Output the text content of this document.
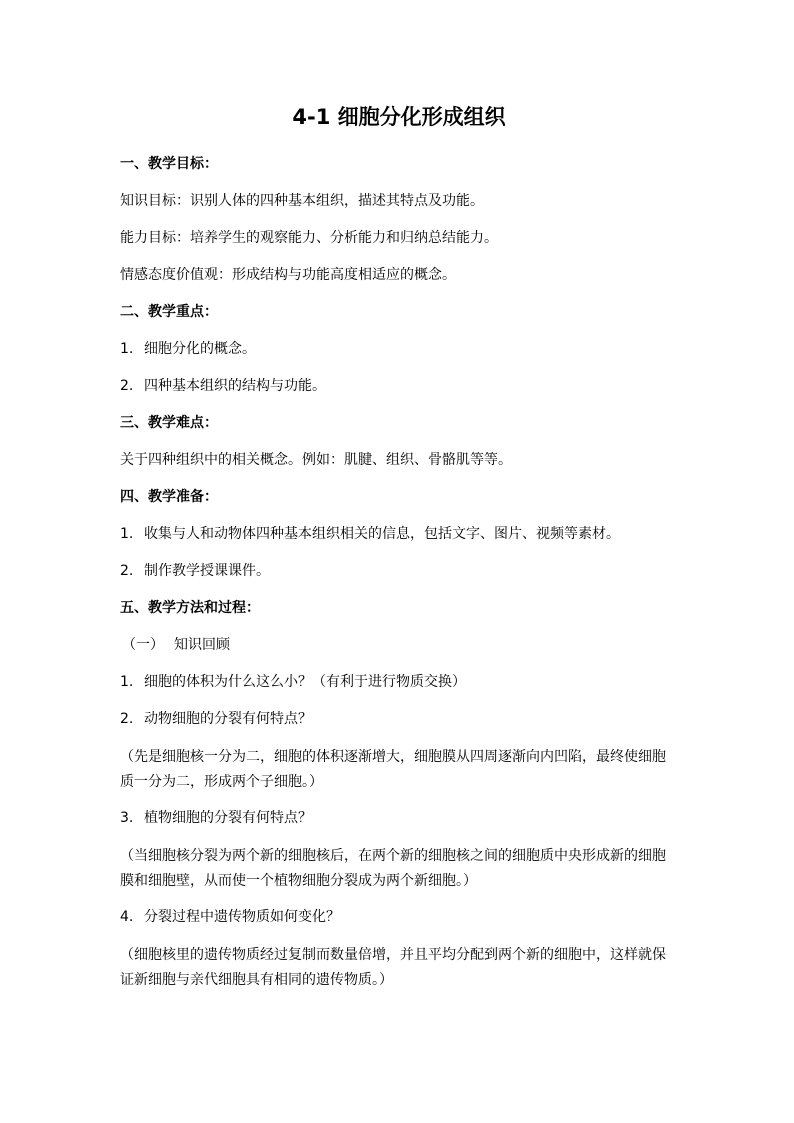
4-1 细胞分化形成组织
一、教学目标：
知识目标：识别人体的四种基本组织，描述其特点及功能。
能力目标：培养学生的观察能力、分析能力和归纳总结能力。
情感态度价值观：形成结构与功能高度相适应的概念。
二、教学重点：
1. 细胞分化的概念。
2. 四种基本组织的结构与功能。
三、教学难点：
关于四种组织中的相关概念。例如：肌腱、组织、骨骼肌等等。
四、教学准备：
1. 收集与人和动物体四种基本组织相关的信息，包括文字、图片、视频等素材。
2. 制作教学授课课件。
五、教学方法和过程：
（一） 知识回顾
1. 细胞的体积为什么这么小？（有利于进行物质交换）
2. 动物细胞的分裂有何特点？
（先是细胞核一分为二，细胞的体积逐渐增大，细胞膜从四周逐渐向内凹陷，最终使细胞质一分为二，形成两个子细胞。）
3. 植物细胞的分裂有何特点？
（当细胞核分裂为两个新的细胞核后，在两个新的细胞核之间的细胞质中央形成新的细胞膜和细胞壁，从而使一个植物细胞分裂成为两个新细胞。）
4. 分裂过程中遗传物质如何变化？
（细胞核里的遗传物质经过复制而数量倍增，并且平均分配到两个新的细胞中，这样就保证新细胞与亲代细胞具有相同的遗传物质。）
